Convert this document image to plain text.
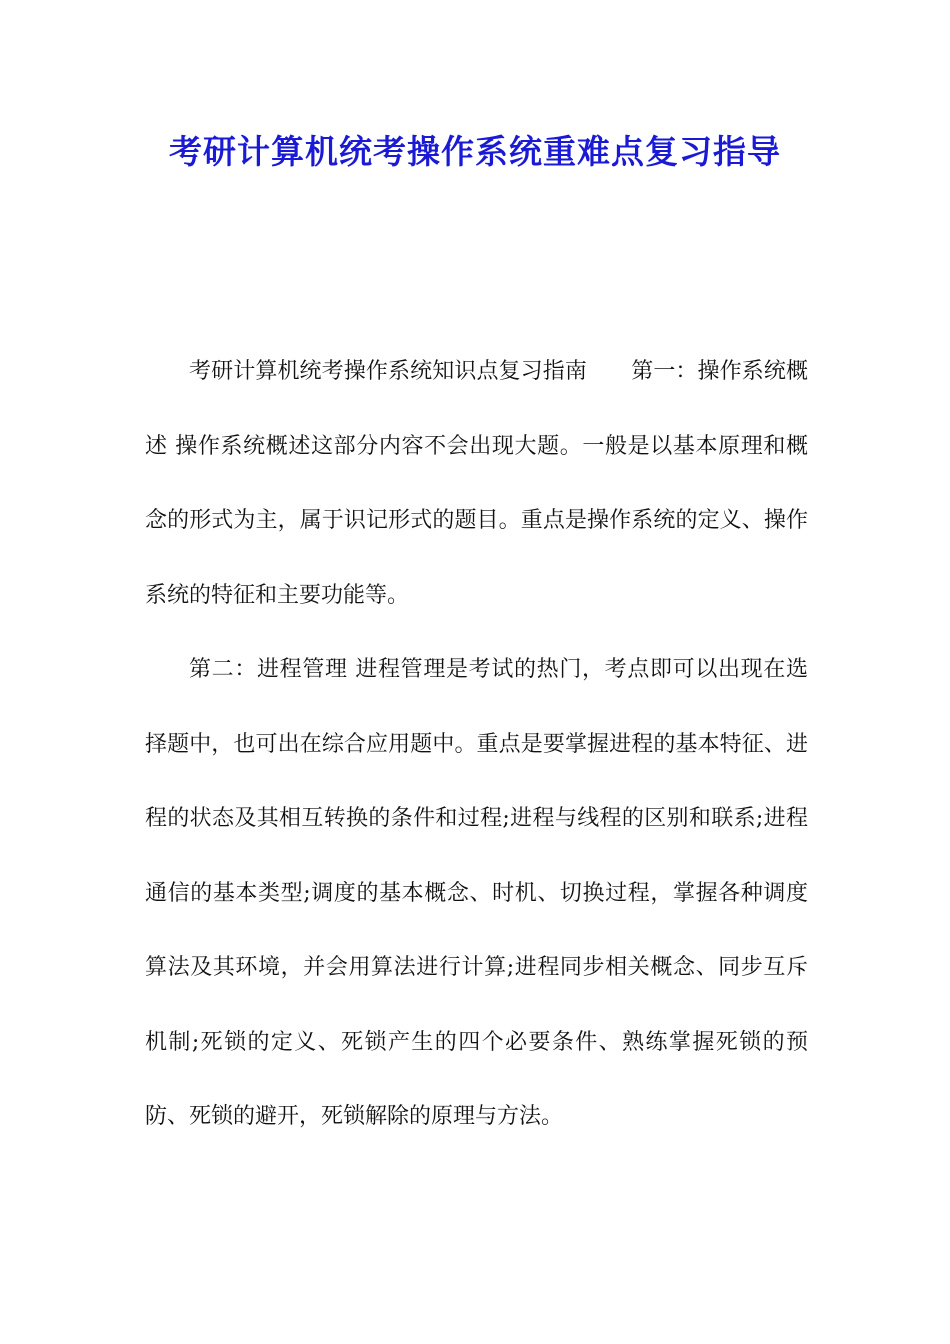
考研计算机统考操作系统重难点复习指导

考研计算机统考操作系统知识点复习指南　　第一：操作系统概述 操作系统概述这部分内容不会出现大题。一般是以基本原理和概念的形式为主，属于识记形式的题目。重点是操作系统的定义、操作系统的特征和主要功能等。

第二：进程管理 进程管理是考试的热门，考点即可以出现在选择题中，也可出在综合应用题中。重点是要掌握进程的基本特征、进程的状态及其相互转换的条件和过程;进程与线程的区别和联系;进程通信的基本类型;调度的基本概念、时机、切换过程，掌握各种调度算法及其环境，并会用算法进行计算;进程同步相关概念、同步互斥机制;死锁的定义、死锁产生的四个必要条件、熟练掌握死锁的预防、死锁的避开，死锁解除的原理与方法。
